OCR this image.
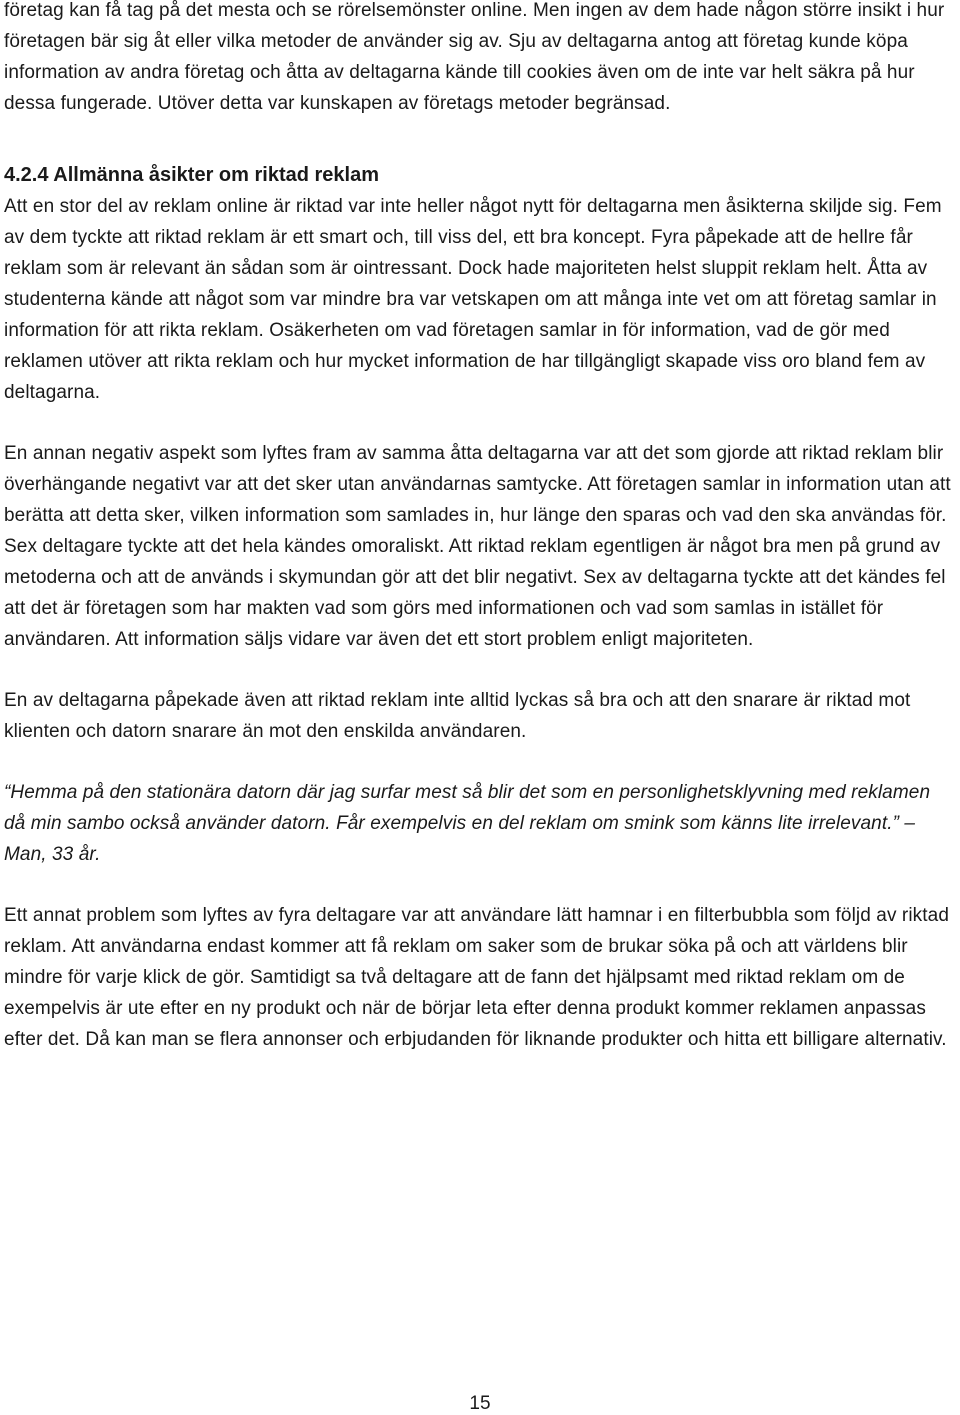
företag kan få tag på det mesta och se rörelsemönster online. Men ingen av dem hade någon större insikt i hur företagen bär sig åt eller vilka metoder de använder sig av. Sju av deltagarna antog att företag kunde köpa information av andra företag och åtta av deltagarna kände till cookies även om de inte var helt säkra på hur dessa fungerade. Utöver detta var kunskapen av företags metoder begränsad.

4.2.4 Allmänna åsikter om riktad reklam

Att en stor del av reklam online är riktad var inte heller något nytt för deltagarna men åsikterna skiljde sig. Fem av dem tyckte att riktad reklam är ett smart och, till viss del, ett bra koncept. Fyra påpekade att de hellre får reklam som är relevant än sådan som är ointressant. Dock hade majoriteten helst sluppit reklam helt. Åtta av studenterna kände att något som var mindre bra var vetskapen om att många inte vet om att företag samlar in information för att rikta reklam. Osäkerheten om vad företagen samlar in för information, vad de gör med reklamen utöver att rikta reklam och hur mycket information de har tillgängligt skapade viss oro bland fem av deltagarna.

En annan negativ aspekt som lyftes fram av samma åtta deltagarna var att det som gjorde att riktad reklam blir överhängande negativt var att det sker utan användarnas samtycke. Att företagen samlar in information utan att berätta att detta sker, vilken information som samlades in, hur länge den sparas och vad den ska användas för. Sex deltagare tyckte att det hela kändes omoraliskt. Att riktad reklam egentligen är något bra men på grund av metoderna och att de används i skymundan gör att det blir negativt. Sex av deltagarna tyckte att det kändes fel att det är företagen som har makten vad som görs med informationen och vad som samlas in istället för användaren. Att information säljs vidare var även det ett stort problem enligt majoriteten.

En av deltagarna påpekade även att riktad reklam inte alltid lyckas så bra och att den snarare är riktad mot klienten och datorn snarare än mot den enskilda användaren.

“Hemma på den stationära datorn där jag surfar mest så blir det som en personlighetsklyvning med reklamen då min sambo också använder datorn. Får exempelvis en del reklam om smink som känns lite irrelevant.” – Man, 33 år.

Ett annat problem som lyftes av fyra deltagare var att användare lätt hamnar i en filterbubbla som följd av riktad reklam. Att användarna endast kommer att få reklam om saker som de brukar söka på och att världens blir mindre för varje klick de gör. Samtidigt sa två deltagare att de fann det hjälpsamt med riktad reklam om de exempelvis är ute efter en ny produkt och när de börjar leta efter denna produkt kommer reklamen anpassas efter det. Då kan man se flera annonser och erbjudanden för liknande produkter och hitta ett billigare alternativ.

15
